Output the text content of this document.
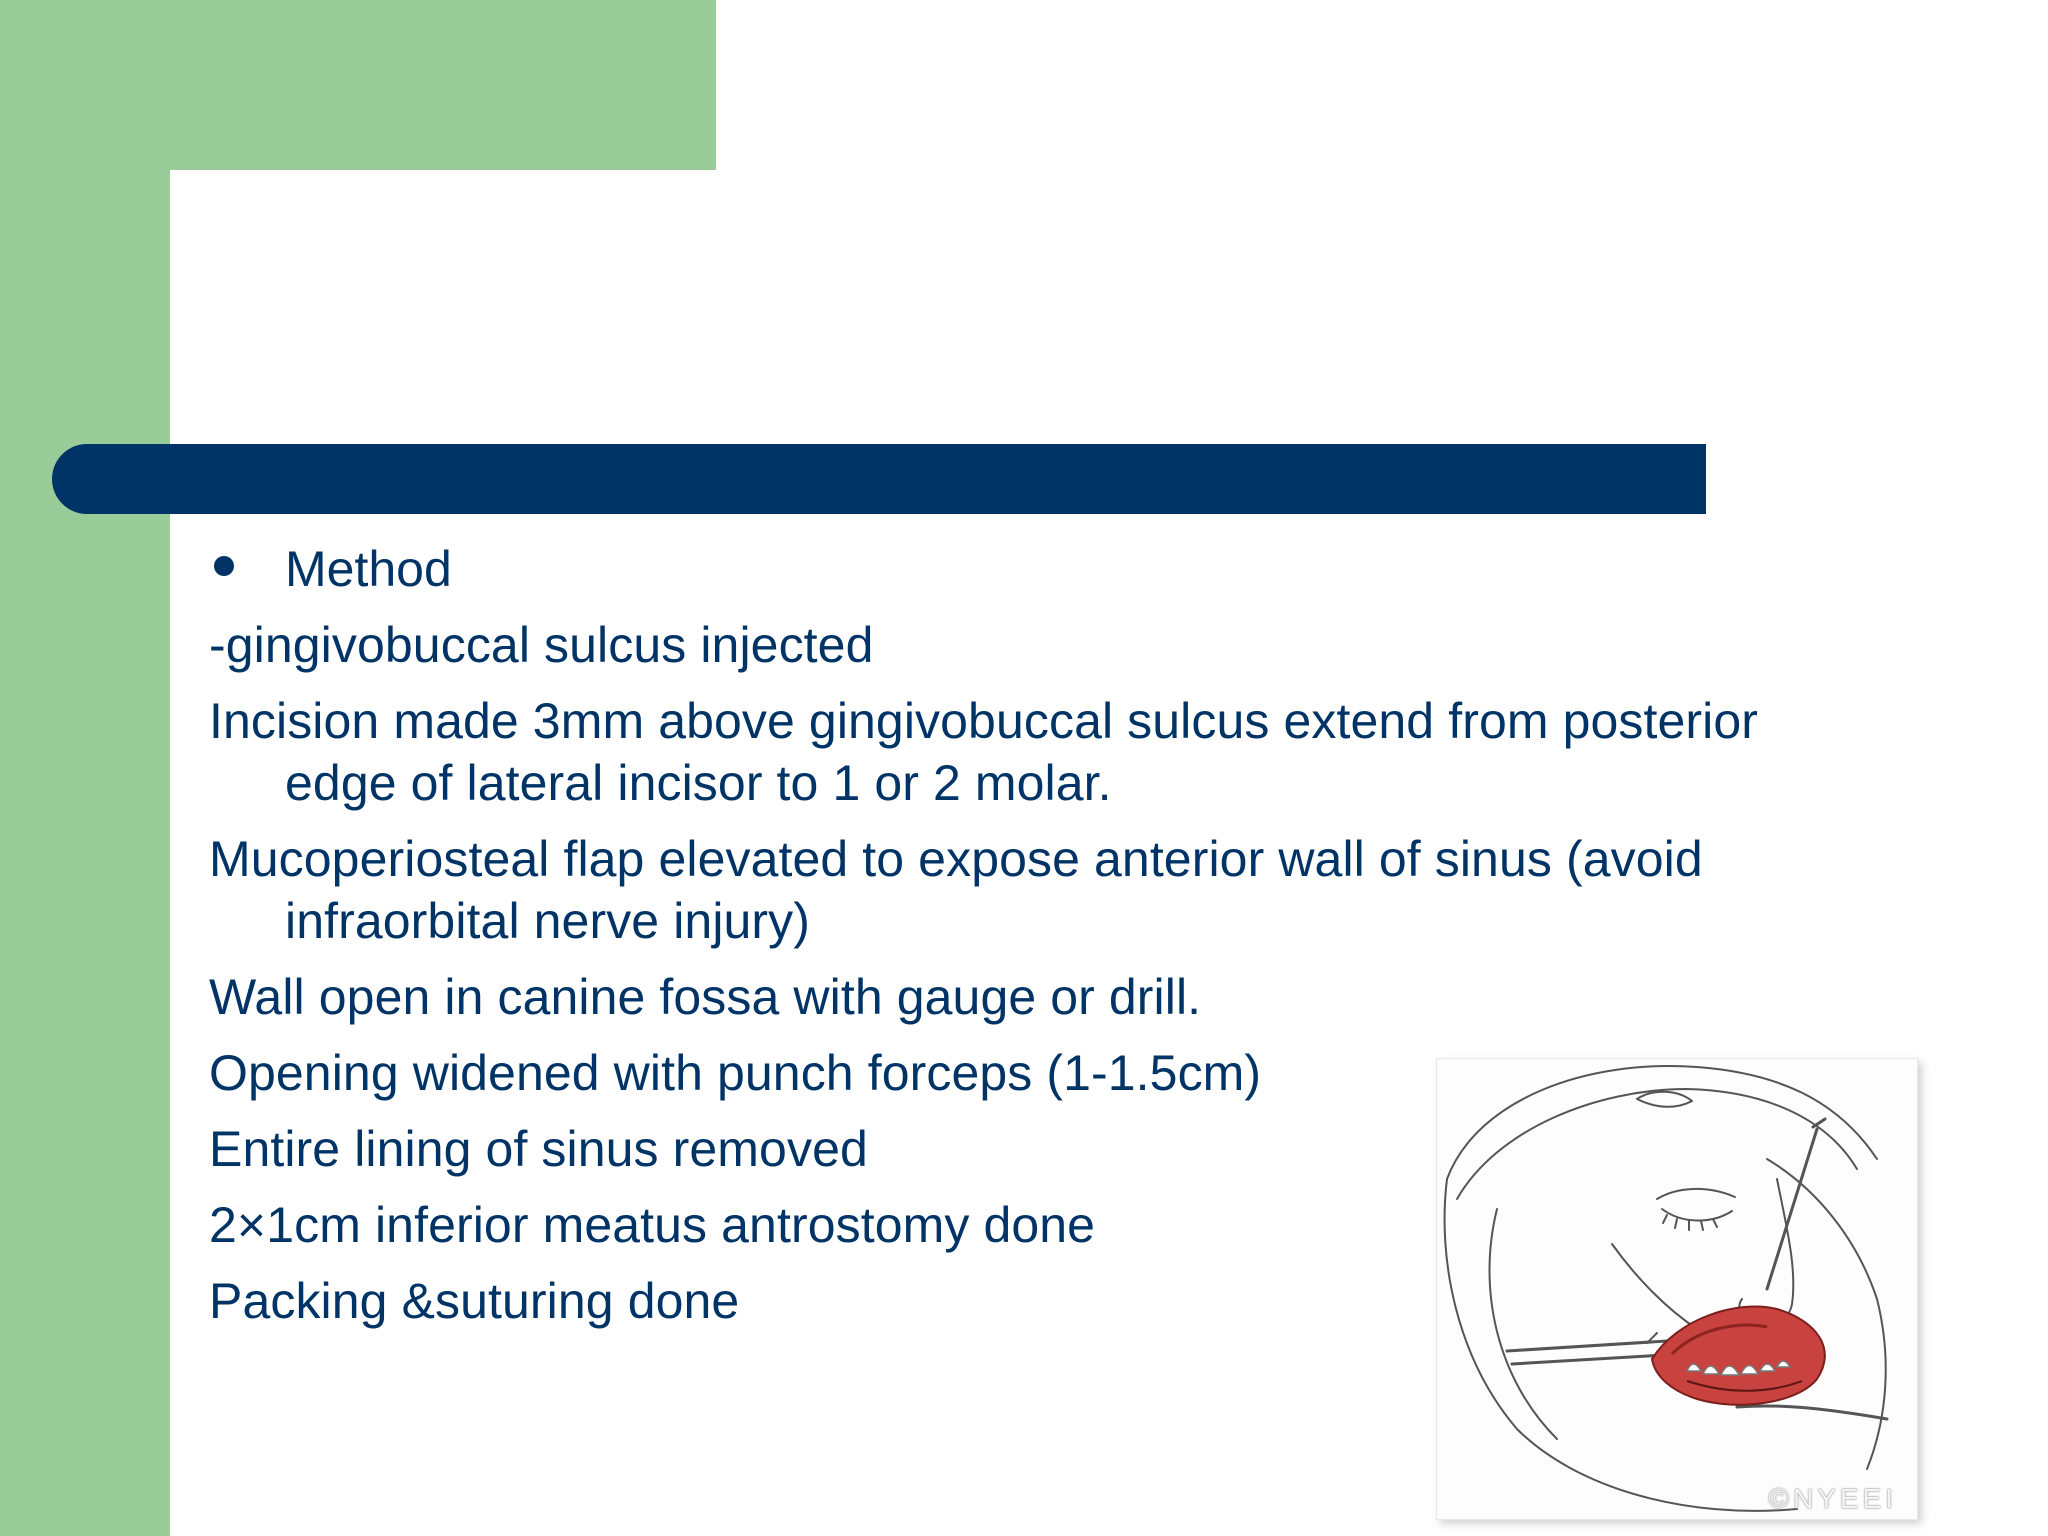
Method

-gingivobuccal sulcus injected

Incision made 3mm above gingivobuccal sulcus extend from posterior edge of lateral incisor to 1 or 2 molar.

Mucoperiosteal flap elevated to expose anterior wall of sinus (avoid infraorbital nerve injury)

Wall open in canine fossa with gauge or drill.

Opening widened with punch forceps (1-1.5cm)

Entire lining of sinus removed

2×1cm inferior meatus antrostomy done

Packing &suturing done

©NYEEI
